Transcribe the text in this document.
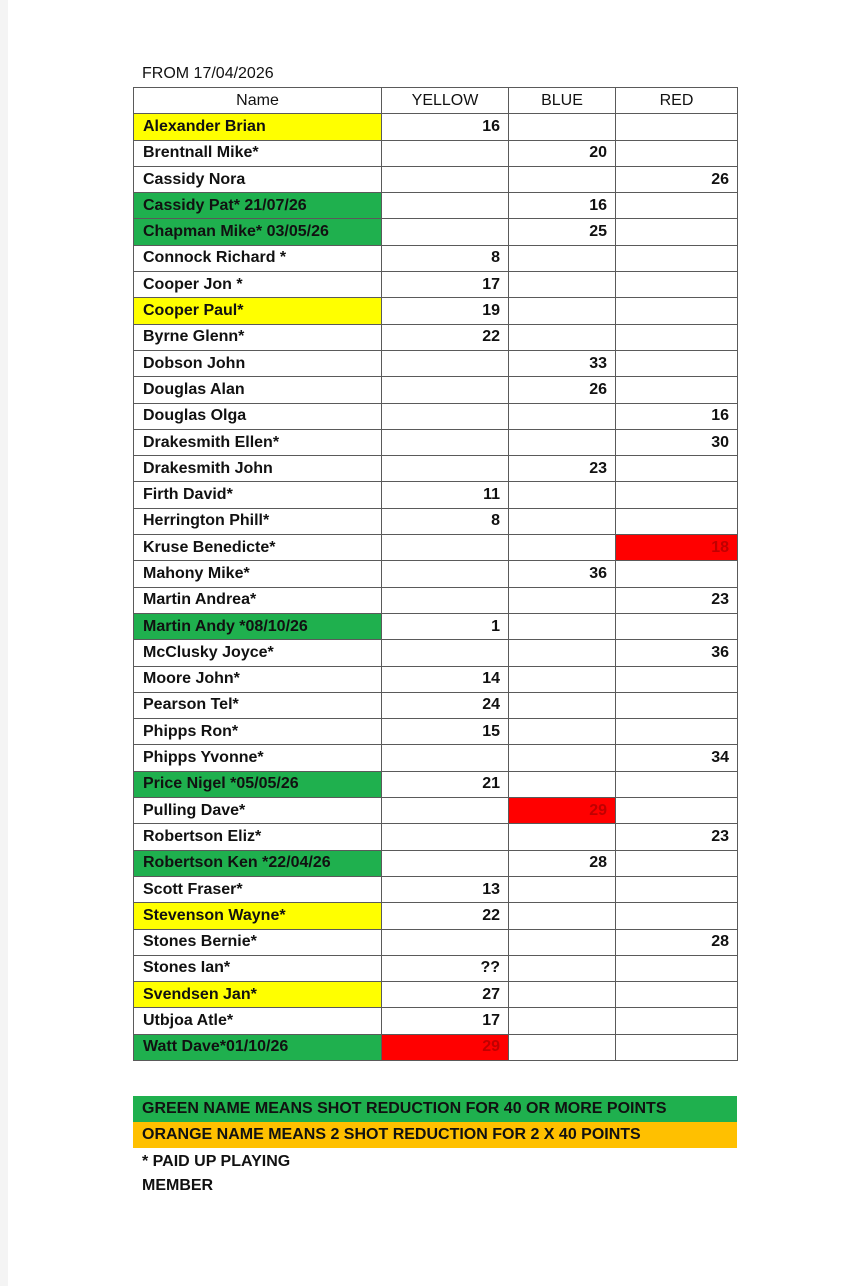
FROM 17/04/2026
Name	YELLOW	BLUE	RED
Alexander Brian	16		
Brentnall Mike*		20	
Cassidy Nora			26
Cassidy Pat* 21/07/26		16	
Chapman Mike* 03/05/26		25	
Connock Richard *	8		
Cooper Jon *	17		
Cooper Paul*	19		
Byrne Glenn*	22		
Dobson John		33	
Douglas Alan		26	
Douglas Olga			16
Drakesmith Ellen*			30
Drakesmith John		23	
Firth David*	11		
Herrington Phill*	8		
Kruse Benedicte*			18
Mahony Mike*		36	
Martin Andrea*			23
Martin Andy *08/10/26	1		
McClusky Joyce*			36
Moore John*	14		
Pearson Tel*	24		
Phipps Ron*	15		
Phipps Yvonne*			34
Price Nigel *05/05/26	21		
Pulling Dave*		29	
Robertson Eliz*			23
Robertson Ken *22/04/26		28	
Scott Fraser*	13		
Stevenson Wayne*	22		
Stones Bernie*			28
Stones Ian*	??		
Svendsen Jan*	27		
Utbjoa Atle*	17		
Watt Dave*01/10/26	29		
GREEN NAME MEANS SHOT REDUCTION FOR 40 OR MORE POINTS
ORANGE NAME MEANS 2 SHOT REDUCTION FOR 2 X 40 POINTS
* PAID UP PLAYING
MEMBER
